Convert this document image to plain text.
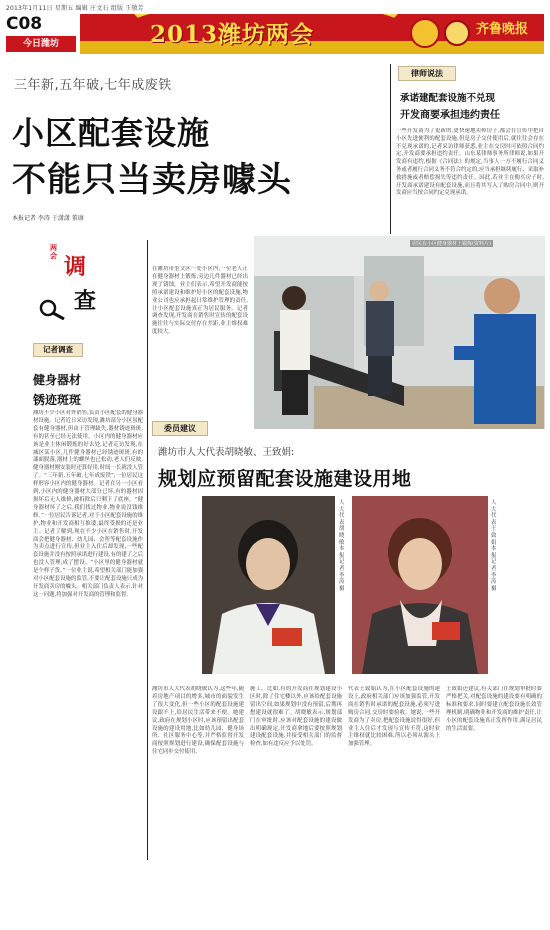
2013年1月11日 星期五 编辑 庄文石 组版 王敬芳
C08
今日潍坊	2013潍坊两会	齐鲁晚报
三年新,五年破,七年成废铁
小区配套设施
不能只当卖房噱头
本报记者 李涛 于潇潇 董康
律师说法
承诺建配套设施不兑现
开发商要承担违约责任
一些开发商为了更新的,更快速地卖掉房子,都会在宣传中把自小区先进便利的配套设施,但是房子交付使用后,就往往会存在不兑现承诺的,记者采访律师获悉,业主在交房时可依照合同约定,开发商要承担违约责任。山东某律师事务所律师说,如果开发商有违约,根据《合同法》的规定,当事人一方不履行合同义务或者履行合同义务不符合约定的,应当承担继续履行、采取补救措施或者赔偿损失等违约责任。因此,若业主在购买房子时,开发商承诺建设有配套设施,而且将其写入了购房合同中,则开发商应当按合同约定兑现承诺。
两会 调
查
记者调查
健身器材
锈迹斑斑
潍坊不少小区对外销售,负责小区配套的健身器材设施。记者近日采访发现,潍坊部分小区虽配套有健身器材,但由于管理缺失,器材锈迹斑斑,有的甚至已经无法使用。小区内的健身器材应该是业主休闲锻炼的好去处,记者走访发现,在城区某小区,几件健身器材已经锈迹斑斑,有的漆面脱落,器材上的螺丝也已松动,老人们反映,健身器材刚安装时还算好用,时间一长就没人管了。“三年新,五年破,七年成废铁”,一位居民这样形容小区内的健身器材。记者在另一小区看到,小区内的健身器材大部分已坏,有的器材因损坏后无人维修,被拆除后只剩下了底座。“健身器材坏了之后,我们找过物业,物业说没钱维修。”一位居民告诉记者,对于小区配套设施的维护,物业和开发商相互推诿,最终受损的还是业主。记者了解到,现在不少小区在销售时,开发商会把健身器材、幼儿园、会所等配套设施作为卖点进行宣传,但业主入住后却发现,一些配套设施并没有按照承诺进行建设,有的建了之后也没人管理,成了摆设。“小区里的健身器材就是个样子货。”一位业主说,希望相关部门能加强对小区配套设施的监管,不要让配套设施只成为开发商卖房的噱头。相关部门负责人表示,针对这一问题,将加强对开发商的管理和监督。
在潍坊市奎文区一处小区内,一位老人正在健身器材上锻炼,旁边几件器材已经出现了锈蚀。业主们表示,希望开发商能按照承诺建设和维护好小区的配套设施,物业公司也应承担起日常维护管理的责任,让小区配套设施真正为居民服务。记者调查发现,开发商在销售时宣传的配套设施往往与实际交付存在差距,业主维权难度较大。
居民在小区健身器材上锻炼(资料片)
委员建议
潍坊市人大代表胡晓敏、王致娟:
规划应预留配套设施建设用地
人大代表胡晓敏 本报记者 李涛 摄
人大代表王致娟 本报记者 李涛 摄
潍坊市人大代表胡晓敏认为,这些年,随着房地产项目的增多,城市的面貌发生了很大变化,但一些小区的配套设施建设跟不上,给居民生活带来不便。她建议,政府在规划小区时,应该预留出配套设施的建设用地,比如幼儿园、健身场所、社区服务中心等,并严格监督开发商按照规划进行建设,确保配套设施与住宅同步交付使用。
施工。比如,有的开发商在规划建设小区时,除了住宅楼以外,应该给配套设施留出空间,如果规划中没有预留,后期再想建设就很难了。胡晓敏表示,规划部门在审批时,应该对配套设施的建设做出明确规定,开发商拿地后要按照规划建设配套设施,并接受相关部门的监督检查,如有违反应予以处罚。
代表王致娟认为,在小区配套设施的建设上,政府相关部门应该加强监管,开发商在销售时承诺的配套设施,必须写进购房合同,交房时要验收。她说,一些开发商为了卖房,把配套设施说得很好,但业主入住后才发现与宣传不符,这时业主维权就比较困难,所以必须从源头上加强管理。
王致娟还建议,有关部门在规划审批时要严格把关,对配套设施的建设要有明确的标准和要求,同时要建立配套设施长效管理机制,明确物业和开发商的维护责任,让小区的配套设施真正发挥作用,满足居民的生活需要。
